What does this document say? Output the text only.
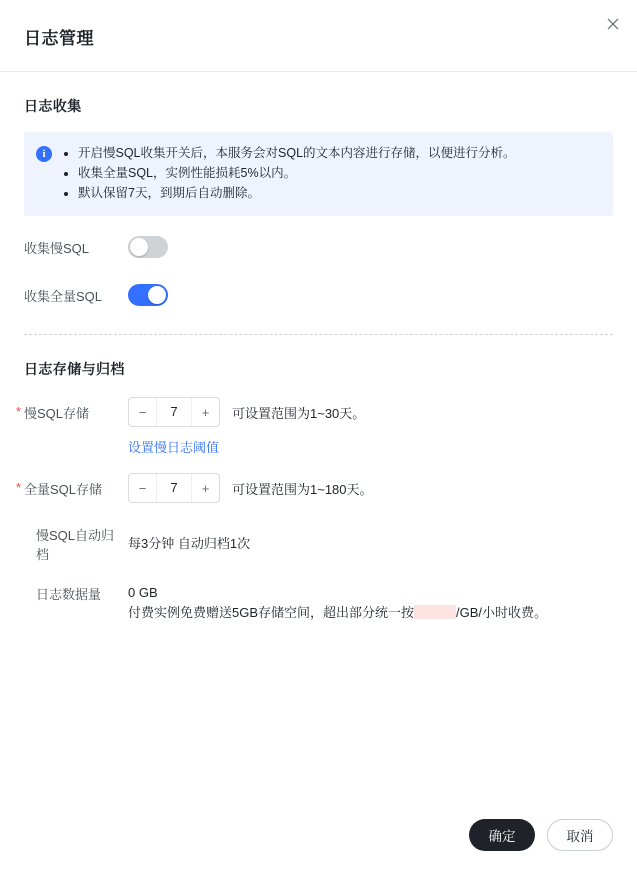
日志管理
日志收集
i	• 开启慢SQL收集开关后，本服务会对SQL的文本内容进行存储，以便进行分析。
• 收集全量SQL，实例性能损耗5%以内。
• 默认保留7天，到期后自动删除。
收集慢SQL
收集全量SQL
日志存储与归档
* 慢SQL存储	−	7	+	可设置范围为1~30天。
设置慢日志阈值
* 全量SQL存储	−	7	+	可设置范围为1~180天。
慢SQL自动归档
每3分钟 自动归档1次
日志数据量	0 GB
付费实例免费赠送5GB存储空间，超出部分统一按	/GB/小时收费。
确定	取消
